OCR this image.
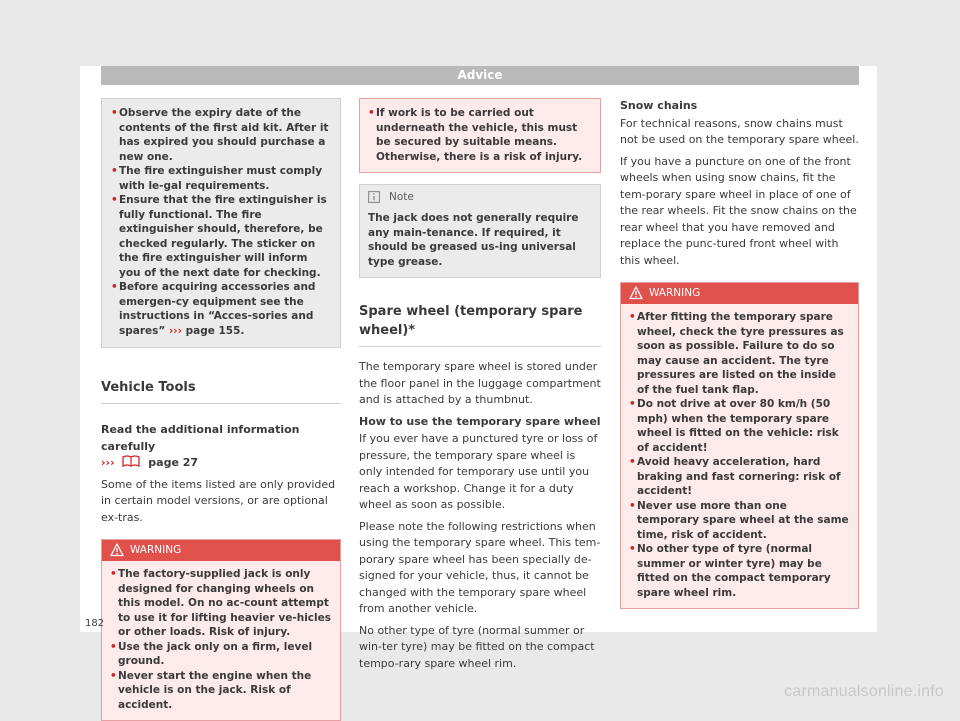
Advice
• Observe the expiry date of the contents of the first aid kit. After it has expired you should purchase a new one.
• The fire extinguisher must comply with le-gal requirements.
• Ensure that the fire extinguisher is fully functional. The fire extinguisher should, therefore, be checked regularly. The sticker on the fire extinguisher will inform you of the next date for checking.
• Before acquiring accessories and emergen-cy equipment see the instructions in “Acces-sories and spares” ››› page 155.
Vehicle Tools

Read the additional information carefully
›››	page 27

Some of the items listed are only provided in certain model versions, or are optional ex-tras.

WARNING
• The factory-supplied jack is only designed for changing wheels on this model. On no ac-count attempt to use it for lifting heavier ve-hicles or other loads. Risk of injury.
• Use the jack only on a firm, level ground.
• Never start the engine when the vehicle is on the jack. Risk of accident.
• If work is to be carried out underneath the vehicle, this must be secured by suitable means. Otherwise, there is a risk of injury.
Note
The jack does not generally require any main-tenance. If required, it should be greased us-ing universal type grease.
Spare wheel (temporary spare wheel)*

The temporary spare wheel is stored under the floor panel in the luggage compartment and is attached by a thumbnut.

How to use the temporary spare wheel

If you ever have a punctured tyre or loss of pressure, the temporary spare wheel is only intended for temporary use until you reach a workshop. Change it for a duty wheel as soon as possible.

Please note the following restrictions when using the temporary spare wheel. This tem-porary spare wheel has been specially de-signed for your vehicle, thus, it cannot be changed with the temporary spare wheel from another vehicle.

No other type of tyre (normal summer or win-ter tyre) may be fitted on the compact tempo-rary spare wheel rim.

Snow chains

For technical reasons, snow chains must not be used on the temporary spare wheel.

If you have a puncture on one of the front wheels when using snow chains, fit the tem-porary spare wheel in place of one of the rear wheels. Fit the snow chains on the rear wheel that you have removed and replace the punc-tured front wheel with this wheel.

WARNING
• After fitting the temporary spare wheel, check the tyre pressures as soon as possible. Failure to do so may cause an accident. The tyre pressures are listed on the inside of the fuel tank flap.
• Do not drive at over 80 km/h (50 mph) when the temporary spare wheel is fitted on the vehicle: risk of accident!
• Avoid heavy acceleration, hard braking and fast cornering: risk of accident!
• Never use more than one temporary spare wheel at the same time, risk of accident.
• No other type of tyre (normal summer or winter tyre) may be fitted on the compact temporary spare wheel rim.
182
carmanualsonline.info
